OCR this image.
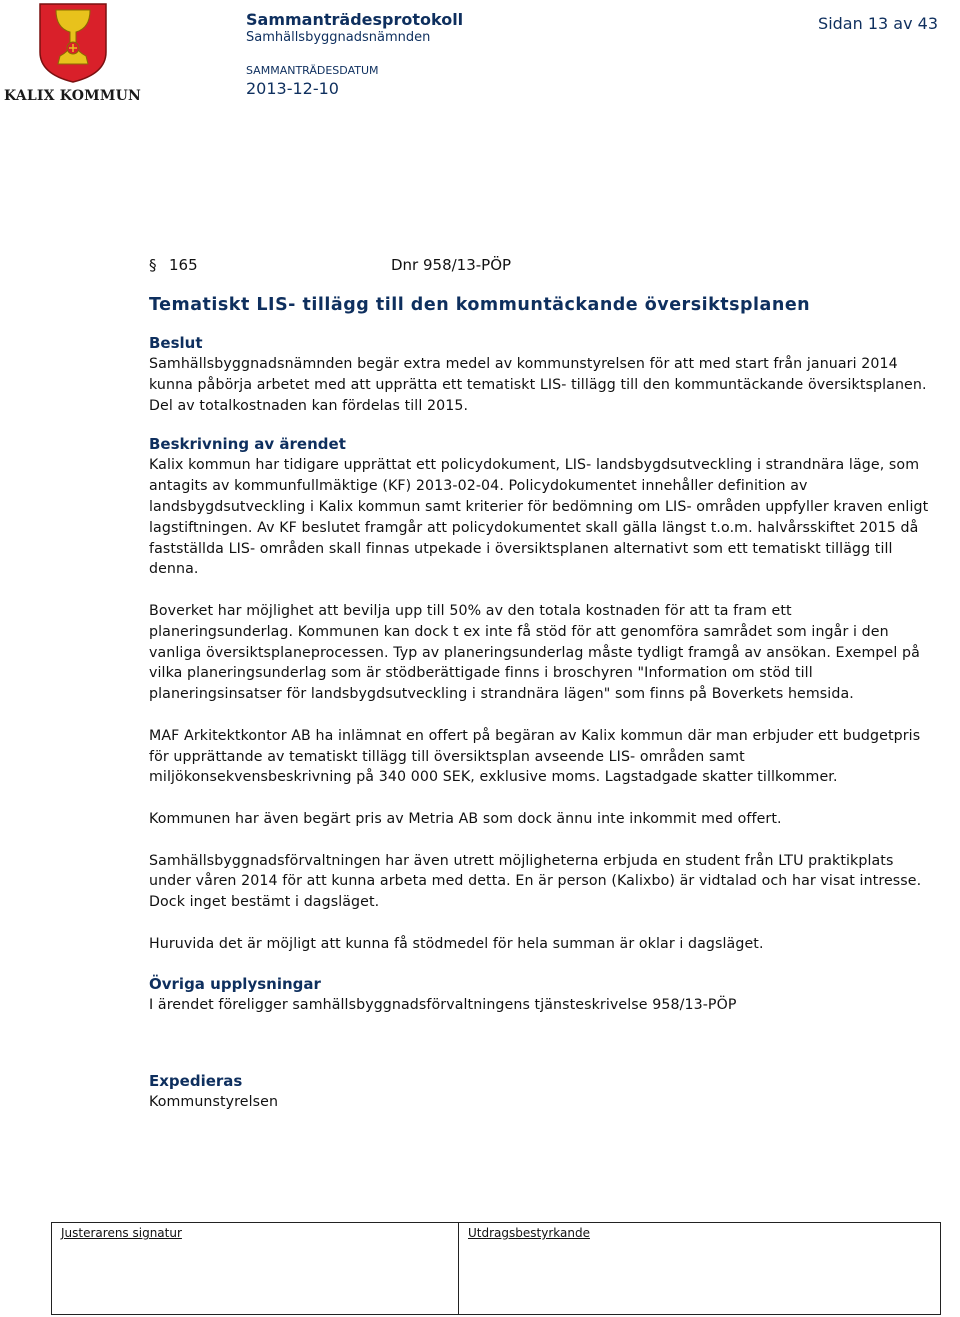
KALIX KOMMUN
Sammanträdesprotokoll
Samhällsbyggnadsnämnden
SAMMANTRÄDESDATUM
2013-12-10
Sidan 13 av 43
§ 165	Dnr 958/13-PÖP
Tematiskt LIS- tillägg till den kommuntäckande översiktsplanen
Beslut

Samhällsbyggnadsnämnden begär extra medel av kommunstyrelsen för att med start från januari 2014 kunna påbörja arbetet med att upprätta ett tematiskt LIS- tillägg till den kommuntäckande översiktsplanen. Del av totalkostnaden kan fördelas till 2015.

Beskrivning av ärendet

Kalix kommun har tidigare upprättat ett policydokument, LIS- landsbygdsutveckling i strandnära läge, som antagits av kommunfullmäktige (KF) 2013-02-04. Policydokumentet innehåller definition av landsbygdsutveckling i Kalix kommun samt kriterier för bedömning om LIS- områden uppfyller kraven enligt lagstiftningen. Av KF beslutet framgår att policydokumentet skall gälla längst t.o.m. halvårsskiftet 2015 då fastställda LIS- områden skall finnas utpekade i översiktsplanen alternativt som ett tematiskt tillägg till denna.

Boverket har möjlighet att bevilja upp till 50% av den totala kostnaden för att ta fram ett planeringsunderlag. Kommunen kan dock t ex inte få stöd för att genomföra samrådet som ingår i den vanliga översiktsplaneprocessen. Typ av planeringsunderlag måste tydligt framgå av ansökan. Exempel på vilka planeringsunderlag som är stödberättigade finns i broschyren "Information om stöd till planeringsinsatser för landsbygdsutveckling i strandnära lägen" som finns på Boverkets hemsida.

MAF Arkitektkontor AB ha inlämnat en offert på begäran av Kalix kommun där man erbjuder ett budgetpris för upprättande av tematiskt tillägg till översiktsplan avseende LIS- områden samt miljökonsekvensbeskrivning på 340 000 SEK, exklusive moms. Lagstadgade skatter tillkommer.

Kommunen har även begärt pris av Metria AB som dock ännu inte inkommit med offert.

Samhällsbyggnadsförvaltningen har även utrett möjligheterna erbjuda en student från LTU praktikplats under våren 2014 för att kunna arbeta med detta. En är person (Kalixbo) är vidtalad och har visat intresse. Dock inget bestämt i dagsläget.

Huruvida det är möjligt att kunna få stödmedel för hela summan är oklar i dagsläget.

Övriga upplysningar

I ärendet föreligger samhällsbyggnadsförvaltningens tjänsteskrivelse 958/13-PÖP

Expedieras

Kommunstyrelsen

Justerarens signatur	Utdragsbestyrkande
